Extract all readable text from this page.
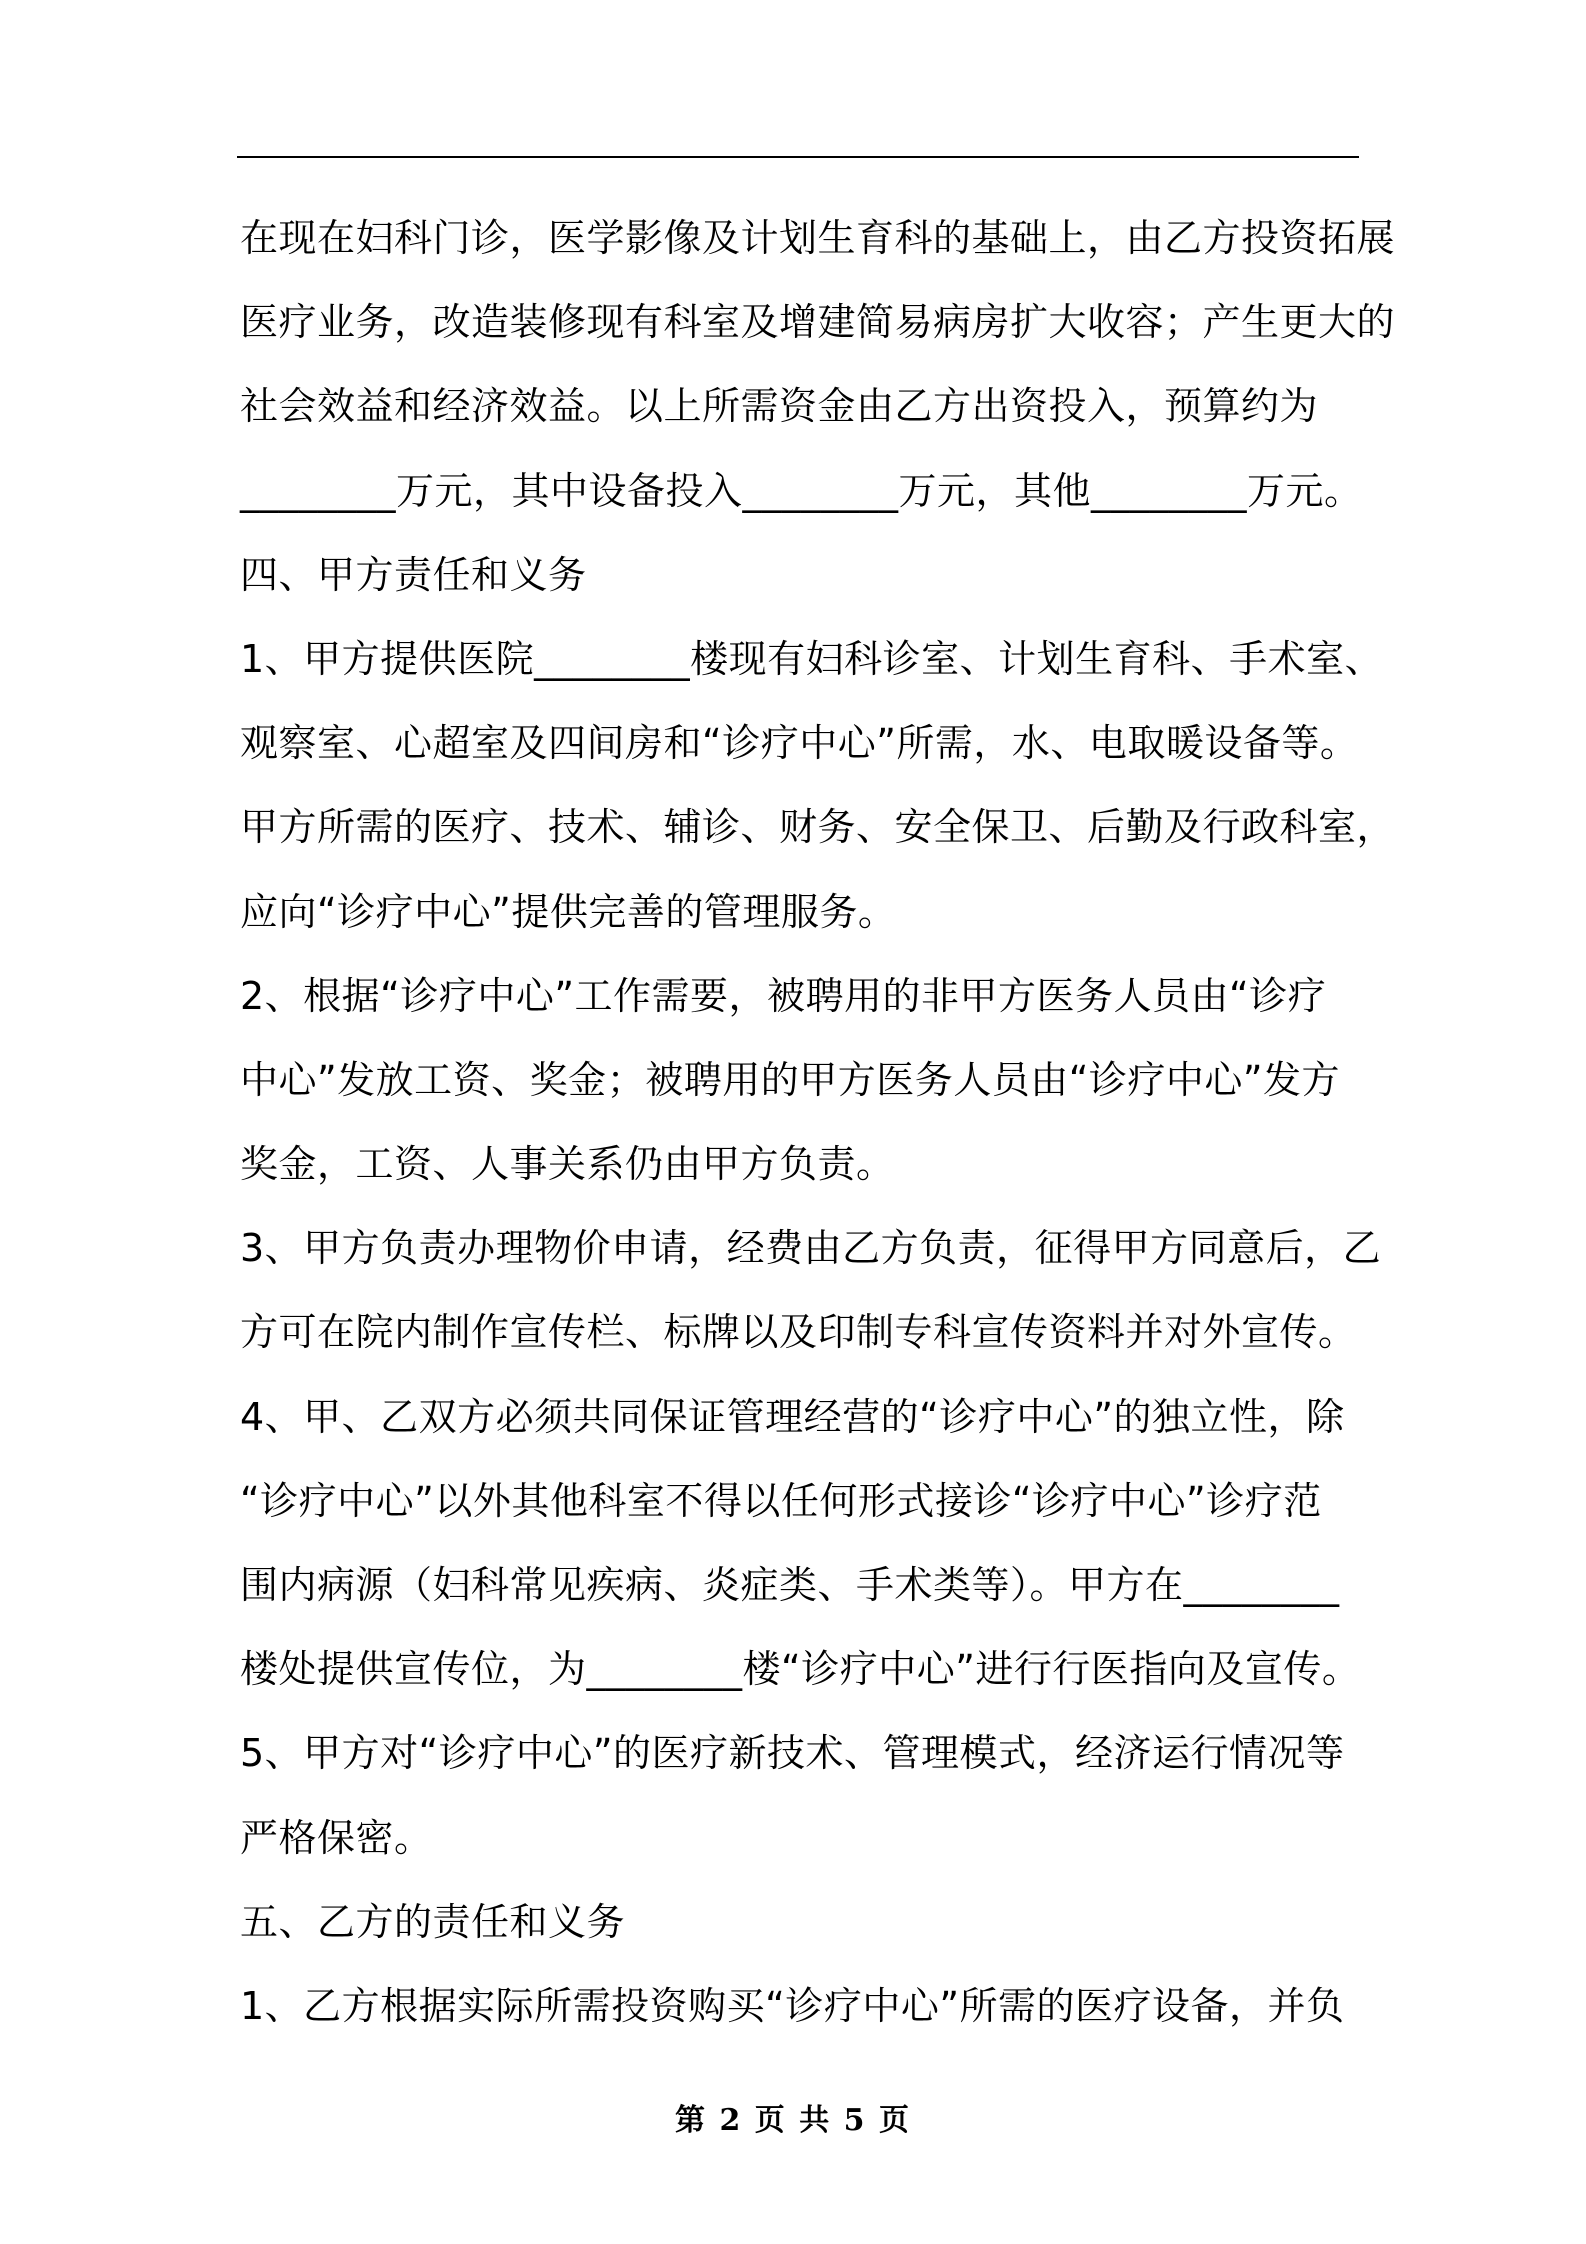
在现在妇科门诊，医学影像及计划生育科的基础上，由乙方投资拓展
医疗业务，改造装修现有科室及增建简易病房扩大收容；产生更大的
社会效益和经济效益。以上所需资金由乙方出资投入，预算约为
________万元，其中设备投入________万元，其他________万元。
四、甲方责任和义务
1、甲方提供医院________楼现有妇科诊室、计划生育科、手术室、
观察室、心超室及四间房和“诊疗中心”所需，水、电取暖设备等。
甲方所需的医疗、技术、辅诊、财务、安全保卫、后勤及行政科室，
应向“诊疗中心”提供完善的管理服务。
2、根据“诊疗中心”工作需要，被聘用的非甲方医务人员由“诊疗
中心”发放工资、奖金；被聘用的甲方医务人员由“诊疗中心”发方
奖金，工资、人事关系仍由甲方负责。
3、甲方负责办理物价申请，经费由乙方负责，征得甲方同意后，乙
方可在院内制作宣传栏、标牌以及印制专科宣传资料并对外宣传。
4、甲、乙双方必须共同保证管理经营的“诊疗中心”的独立性，除
“诊疗中心”以外其他科室不得以任何形式接诊“诊疗中心”诊疗范
围内病源（妇科常见疾病、炎症类、手术类等）。甲方在________
楼处提供宣传位，为________楼“诊疗中心”进行行医指向及宣传。
5、甲方对“诊疗中心”的医疗新技术、管理模式，经济运行情况等
严格保密。
五、乙方的责任和义务
1、乙方根据实际所需投资购买“诊疗中心”所需的医疗设备，并负
第 2 页 共 5 页
